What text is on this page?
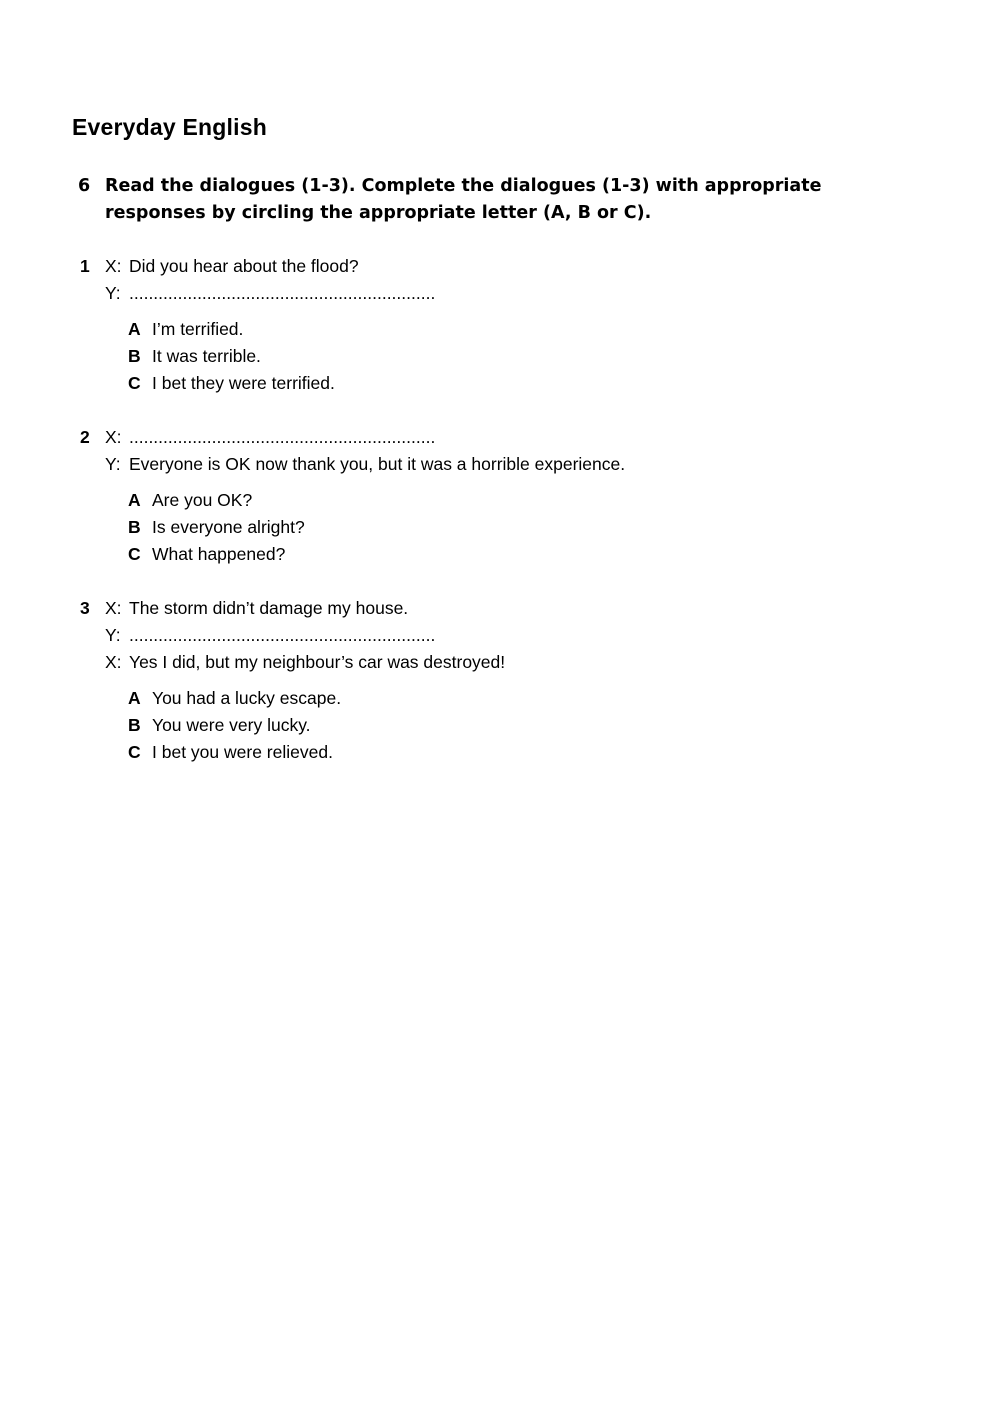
Everyday English
6 Read the dialogues (1-3). Complete the dialogues (1-3) with appropriate responses by circling the appropriate letter (A, B or C).
1 X: Did you hear about the flood?
Y: ...............................................................
A I’m terrified.
B It was terrible.
C I bet they were terrified.
2 X: ...............................................................
Y: Everyone is OK now thank you, but it was a horrible experience.
A Are you OK?
B Is everyone alright?
C What happened?
3 X: The storm didn’t damage my house.
Y: ...............................................................
X: Yes I did, but my neighbour’s car was destroyed!
A You had a lucky escape.
B You were very lucky.
C I bet you were relieved.
